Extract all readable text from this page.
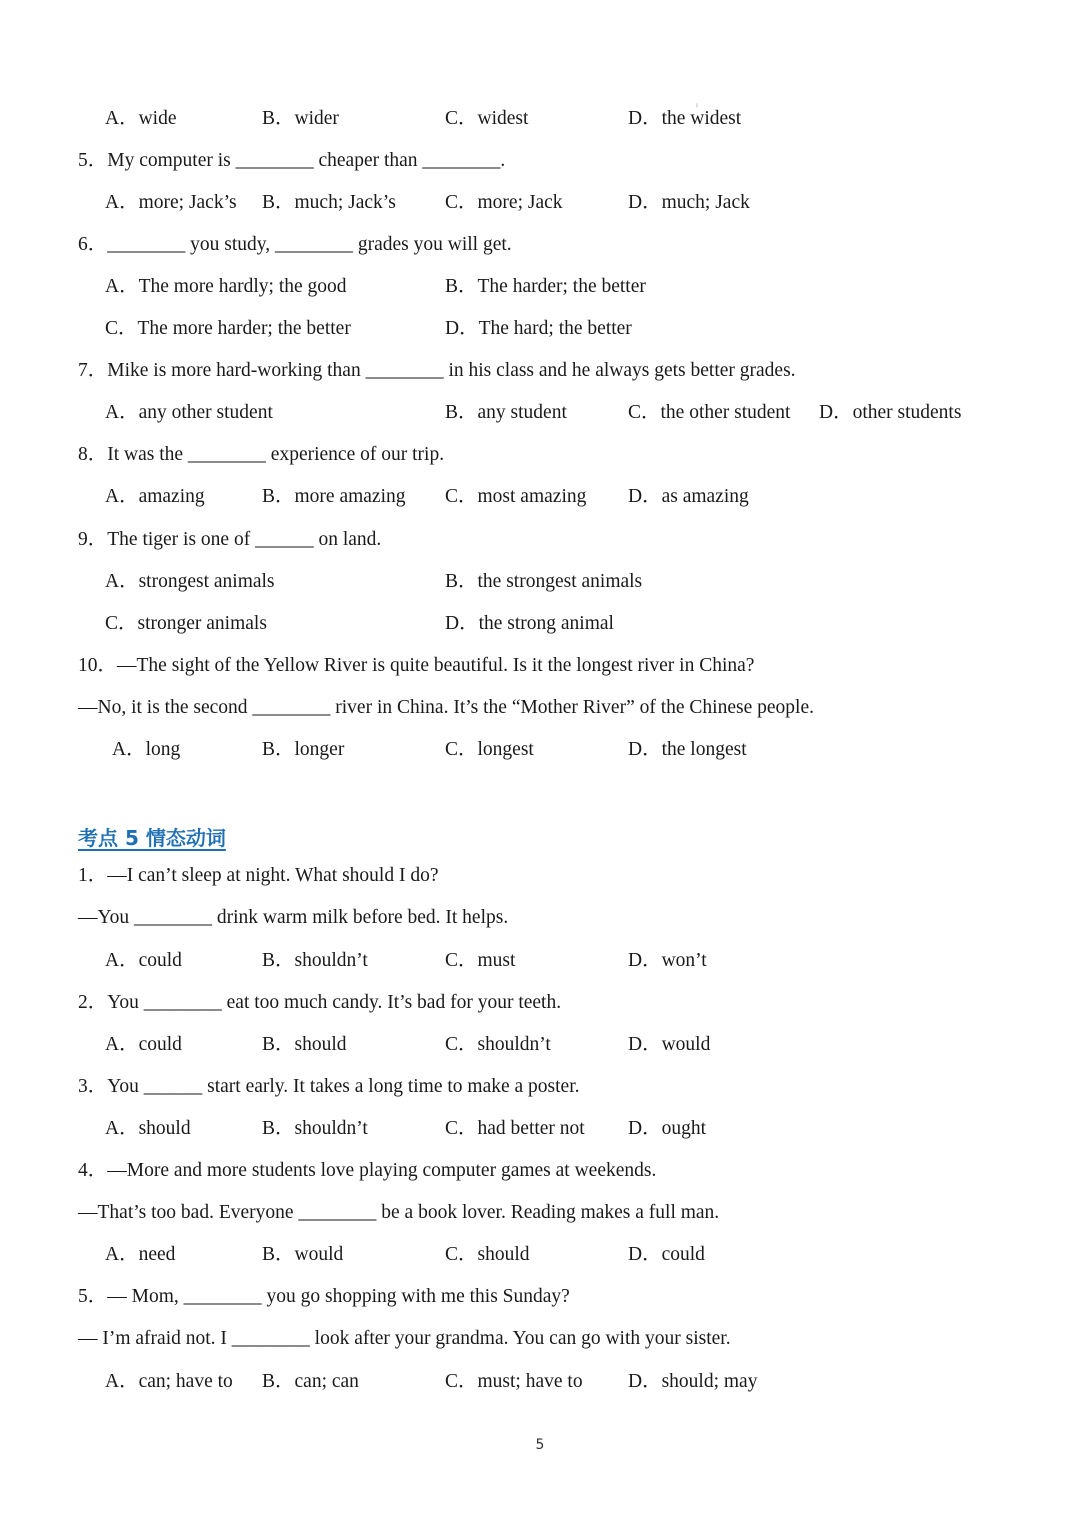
ı
5
A．wide	B．wider	C．widest	D．the widest
5．My computer is ________ cheaper than ________.
A．more; Jack’s B．much; Jack’s	C．more; Jack	D．much; Jack
6．________ you study, ________ grades you will get.
A．The more hardly; the good	B．The harder; the better
C．The more harder; the better	D．The hard; the better
7．Mike is more hard-working than ________ in his class and he always gets better grades.
A．any other student	B．any student	C．the other student D．other students
8．It was the ________ experience of our trip.
A．amazing	B．more amazing C．most amazing D．as amazing
9．The tiger is one of ______ on land.
A．strongest animals	B．the strongest animals
C．stronger animals	D．the strong animal
10．—The sight of the Yellow River is quite beautiful. Is it the longest river in China?
—No, it is the second ________ river in China. It’s the “Mother River” of the Chinese people.
A．long	B．longer	C．longest	D．the longest
考点 5 情态动词
1．—I can’t sleep at night. What should I do?
—You ________ drink warm milk before bed. It helps.
A．could	B．shouldn’t	C．must	D．won’t
2．You ________ eat too much candy. It’s bad for your teeth.
A．could	B．should	C．shouldn’t	D．would
3．You ______ start early. It takes a long time to make a poster.
A．should	B．shouldn’t	C．had better not D．ought
4．—More and more students love playing computer games at weekends.
—That’s too bad. Everyone ________ be a book lover. Reading makes a full man.
A．need	B．would	C．should	D．could
5．— Mom, ________ you go shopping with me this Sunday?
— I’m afraid not. I ________ look after your grandma. You can go with your sister.
A．can; have to B．can; can	C．must; have to D．should; may
